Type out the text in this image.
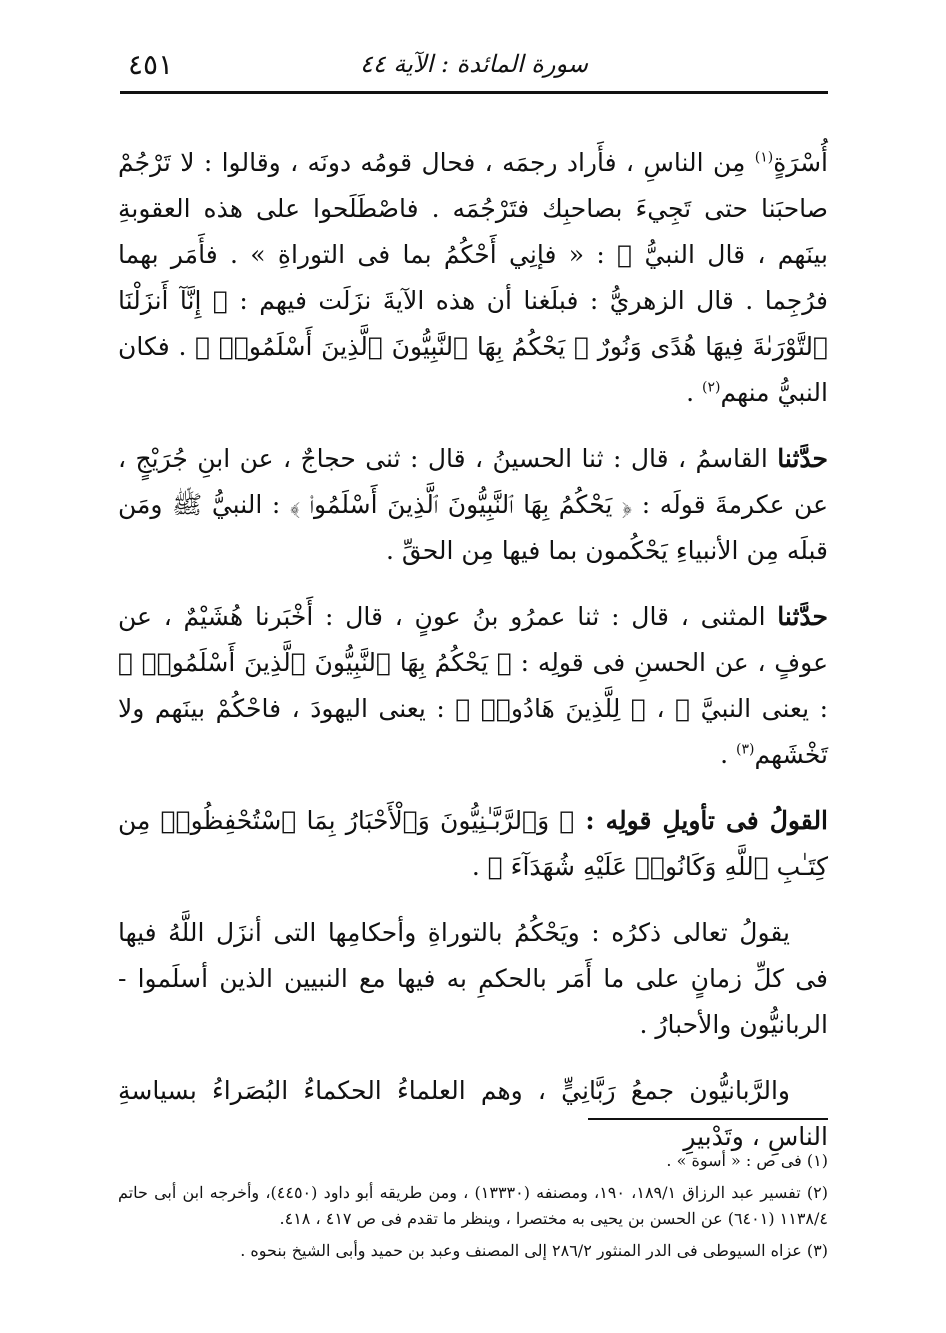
٤٥١	سورة المائدة : الآية ٤٤

أُسْرَةٍ$^{(١)}$ مِن الناسِ ، فأَراد رجمَه ، فحال قومُه دونَه ، وقالوا : لا تَرْجُمْ صاحبَنا حتى تَجِيءَ بصاحبِك فتَرْجُمَه . فاصْطَلَحوا على هذه العقوبةِ بينَهم ، قال النبيُّ ﷺ : « فإنِي أَحْكُمُ بما فى التوراةِ » . فأَمَر بهما فرُجِما . قال الزهريُّ : فبلَغنا أن هذه الآيةَ نزَلَت فيهم : ﴿ إِنَّآ أَنزَلْنَا ٱلتَّوْرَىٰةَ فِيهَا هُدًى وَنُورٌ ۚ يَحْكُمُ بِهَا ٱلنَّبِيُّونَ ٱلَّذِينَ أَسْلَمُوا۟ ﴾ . فكان النبيُّ منهم$^{(٢)}$ .

حدَّثنا القاسمُ ، قال : ثنا الحسينُ ، قال : ثنى حجاجٌ ، عن ابنِ جُرَيْجٍ ، عن عكرمةَ قولَه : ﴿ يَحْكُمُ بِهَا ٱلنَّبِيُّونَ ٱلَّذِينَ أَسْلَمُوا۟ ﴾ : النبيُّ ﷺ ومَن قبلَه مِن الأنبياءِ يَحْكُمون بما فيها مِن الحقِّ .

حدَّثنا المثنى ، قال : ثنا عمرُو بنُ عونٍ ، قال : أَخْبَرنا هُشَيْمٌ ، عن عوفٍ ، عن الحسنِ فى قولِه : ﴿ يَحْكُمُ بِهَا ٱلنَّبِيُّونَ ٱلَّذِينَ أَسْلَمُوا۟ ﴾ : يعنى النبيَّ ﷺ ، ﴿ لِلَّذِينَ هَادُوا۟ ﴾ : يعنى اليهودَ ، فاحْكُمْ بينَهم ولا تَخْشَهم$^{(٣)}$ .

القولُ فى تأويلِ قولِه : ﴿ وَٱلرَّبَّـٰنِيُّونَ وَٱلْأَحْبَارُ بِمَا ٱسْتُحْفِظُوا۟ مِن كِتَـٰبِ ٱللَّهِ وَكَانُوا۟ عَلَيْهِ شُهَدَآءَ ﴾ .

يقولُ تعالى ذكرُه : ويَحْكُمُ بالتوراةِ وأحكامِها التى أنزَل اللَّهُ فيها فى كلِّ زمانٍ على ما أَمَر بالحكمِ به فيها مع النبيين الذين أسلَموا - الربانيُّون والأحبارُ .

والرَّبانيُّون جمعُ رَبَّانِيٍّ ، وهم العلماءُ الحكماءُ البُصَراءُ بسياسةِ الناسِ ، وتَدْبيرِ

(١) فى ص : « أسوة » .

(٢) تفسير عبد الرزاق ١٨٩/١، ١٩٠، ومصنفه (١٣٣٣٠) ، ومن طريقه أبو داود (٤٤٥٠)، وأخرجه ابن أبى حاتم ١١٣٨/٤ (٦٤٠١) عن الحسن بن يحيى به مختصرا ، وينظر ما تقدم فى ص ٤١٧ ، ٤١٨.

(٣) عزاه السيوطى فى الدر المنثور ٢٨٦/٢ إلى المصنف وعبد بن حميد وأبى الشيخ بنحوه .
